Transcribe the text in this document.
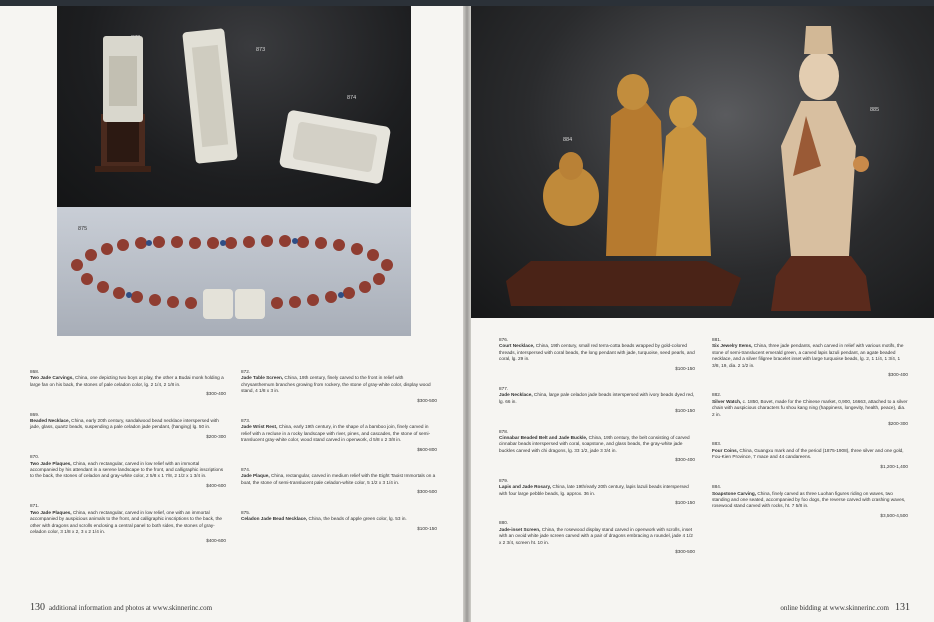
872
873
874
875
868.
Two Jade Carvings, China, one depicting two boys at play, the other a Budai monk holding a large fan on his back, the stones of pale celadon color, lg. 2 1/4, 2 1/8 in.
$300-400
869.
Beaded Necklace, China, early 20th century, sandalwood bead necklace interspersed with jade, glass, quartz beads, suspending a pale celadon jade pendant, (hanging) lg. 50 in.
$200-300
870.
Two Jade Plaques, China, each rectangular, carved in low relief with an immortal accompanied by his attendant in a serene landscape to the front, and calligraphic inscriptions to the back, the stones of celadon and gray-white color, 2 5/8 x 1 7/8, 2 1/2 x 1 3/4 in.
$400-600
871.
Two Jade Plaques, China, each rectangular, carved in low relief, one with an immortal accompanied by auspicious animals to the front, and calligraphic inscriptions to the back, the other with dragons and scrolls enclosing a central panel to both sides, the stones of gray-celadon color, 3 1/8 x 2, 3 x 2 1/4 in.
$400-600
872.
Jade Table Screen, China, 19th century, finely carved to the front in relief with chrysanthemum branches growing from rockery, the stone of gray-white color, display wood stand, 4 1/8 x 3 in.
$300-500
873.
Jade Wrist Rest, China, early 19th century, in the shape of a bamboo join, finely carved in relief with a recluse in a rocky landscape with river, pines, and cascades, the stone of semi-translucent gray-white color, wood stand carved in openwork, d 5/8 x 2 3/8 in.
$600-800
874.
Jade Plaque, China, rectangular, carved in medium relief with the Eight Taoist Immortals on a boat, the stone of semi-translucent pale celadon-white color, 5 1/2 x 3 1/4 in.
$300-500
875.
Celadon Jade Bead Necklace, China, the beads of apple green color, lg. 53 in.
$100-150
130 additional information and photos at www.skinnerinc.com
884
885
876.
Court Necklace, China, 19th century, small red terra-cotta beads wrapped by gold-colored threads, interspersed with coral beads, the long pendant with jade, turquoise, seed pearls, and coral, lg. 29 in.
$100-150
877.
Jade Necklace, China, large pale celadon jade beads interspersed with ivory beads dyed red, lg. 66 in.
$100-150
878.
Cinnabar Beaded Belt and Jade Buckle, China, 19th century, the belt consisting of carved cinnabar beads interspersed with coral, soapstone, and glass beads, the gray-white jade buckles carved with chi dragons, lg. 33 1/2, jade 3 3/4 in.
$300-400
879.
Lapis and Jade Rosary, China, late 19th/early 20th century, lapis lazuli beads interspersed with four large pebble beads, lg. approx. 36 in.
$100-150
880.
Jade-inset Screen, China, the rosewood display stand carved in openwork with scrolls, inset with an ovoid white jade screen carved with a pair of dragons embracing a roundel, jade 4 1/2 x 2 3/4, screen ht. 10 in.
$300-500
881.
Six Jewelry Items, China, three jade pendants, each carved in relief with various motifs, the stone of semi-translucent emerald green, a carved lapis lazuli pendant, an agate beaded necklace, and a silver filigree bracelet inset with large turquoise beads, lg. 2, 1 1/4, 1 3/4, 1 3/8, 19, dia. 2 1/2 in.
$300-400
882.
Silver Watch, c. 1850, Bovet, made for the Chinese market, 0,900, 16663, attached to a silver chain with auspicious characters fu shou kang ning (happiness, longevity, health, peace), dia. 2 in.
$200-300
883.
Four Coins, China, Guangxu mark and of the period (1875-1908), three silver and one gold, Fou-Kien Province, 7 mace and 44 candareens.
$1,200-1,400
884.
Soapstone Carving, China, finely carved as three Luohan figures riding on waves, two standing and one seated, accompanied by foo dogs, the reverse carved with crashing waves, rosewood stand carved with rocks, ht. 7 5/8 in.
$3,500-4,500
online bidding at www.skinnerinc.com 131
